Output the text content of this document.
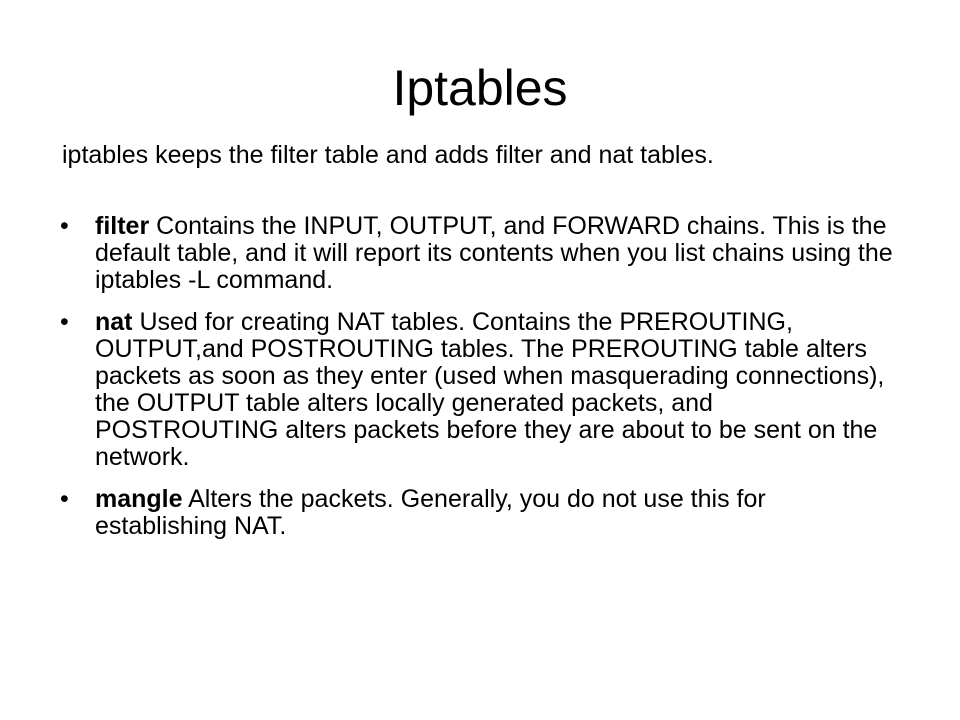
Iptables

iptables keeps the filter table and adds filter and nat tables.

• filter Contains the INPUT, OUTPUT, and FORWARD chains. This is the default table, and it will report its contents when you list chains using the iptables -L command.
• nat Used for creating NAT tables. Contains the PREROUTING, OUTPUT,and POSTROUTING tables. The PREROUTING table alters packets as soon as they enter (used when masquerading connections), the OUTPUT table alters locally generated packets, and POSTROUTING alters packets before they are about to be sent on the network.
• mangle Alters the packets. Generally, you do not use this for establishing NAT.
